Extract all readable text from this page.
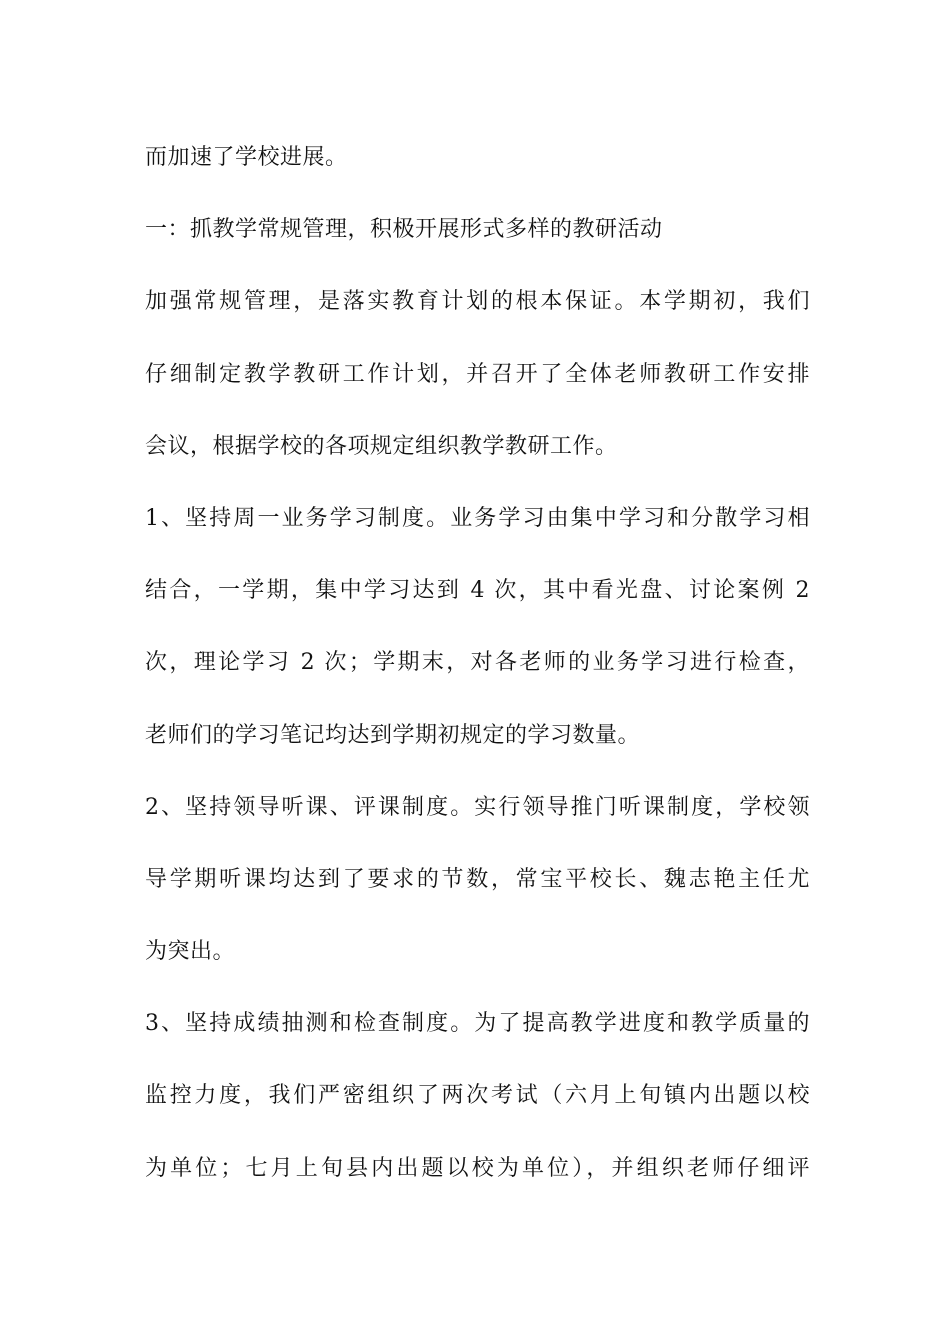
而加速了学校进展。
一：抓教学常规管理，积极开展形式多样的教研活动
加强常规管理，是落实教育计划的根本保证。本学期初，我们
仔细制定教学教研工作计划，并召开了全体老师教研工作安排
会议，根据学校的各项规定组织教学教研工作。
1、坚持周一业务学习制度。业务学习由集中学习和分散学习相
结合，一学期，集中学习达到 4 次，其中看光盘、讨论案例 2
次，理论学习 2 次；学期末，对各老师的业务学习进行检查，
老师们的学习笔记均达到学期初规定的学习数量。
2、坚持领导听课、评课制度。实行领导推门听课制度，学校领
导学期听课均达到了要求的节数，常宝平校长、魏志艳主任尤
为突出。
3、坚持成绩抽测和检查制度。为了提高教学进度和教学质量的
监控力度，我们严密组织了两次考试（六月上旬镇内出题以校
为单位；七月上旬县内出题以校为单位），并组织老师仔细评
